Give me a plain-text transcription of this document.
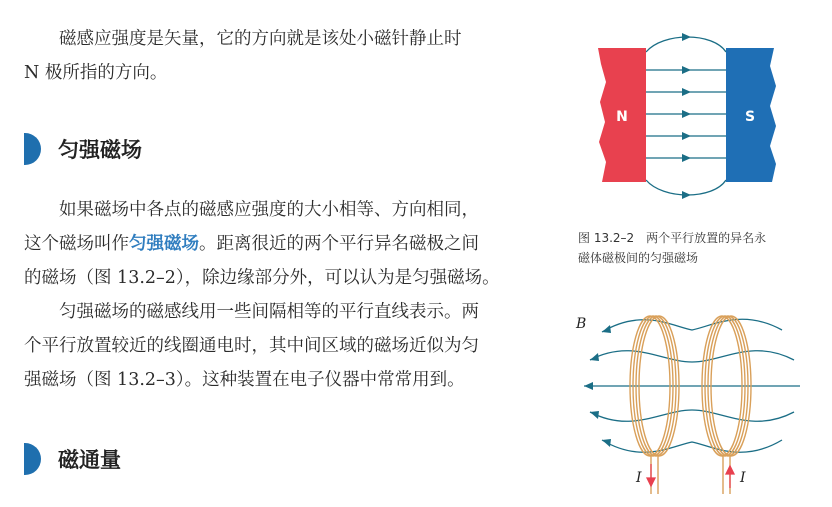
磁感应强度是矢量，它的方向就是该处小磁针静止时
N 极所指的方向。

匀强磁场

如果磁场中各点的磁感应强度的大小相等、方向相同，
这个磁场叫作匀强磁场。距离很近的两个平行异名磁极之间
的磁场（图 13.2–2），除边缘部分外，可以认为是匀强磁场。

匀强磁场的磁感线用一些间隔相等的平行直线表示。两
个平行放置较近的线圈通电时，其中间区域的磁场近似为匀
强磁场（图 13.2–3）。这种装置在电子仪器中常常用到。

磁通量
N	S
图 13.2–2　两个平行放置的异名永
磁体磁极间的匀强磁场
B
I	I
